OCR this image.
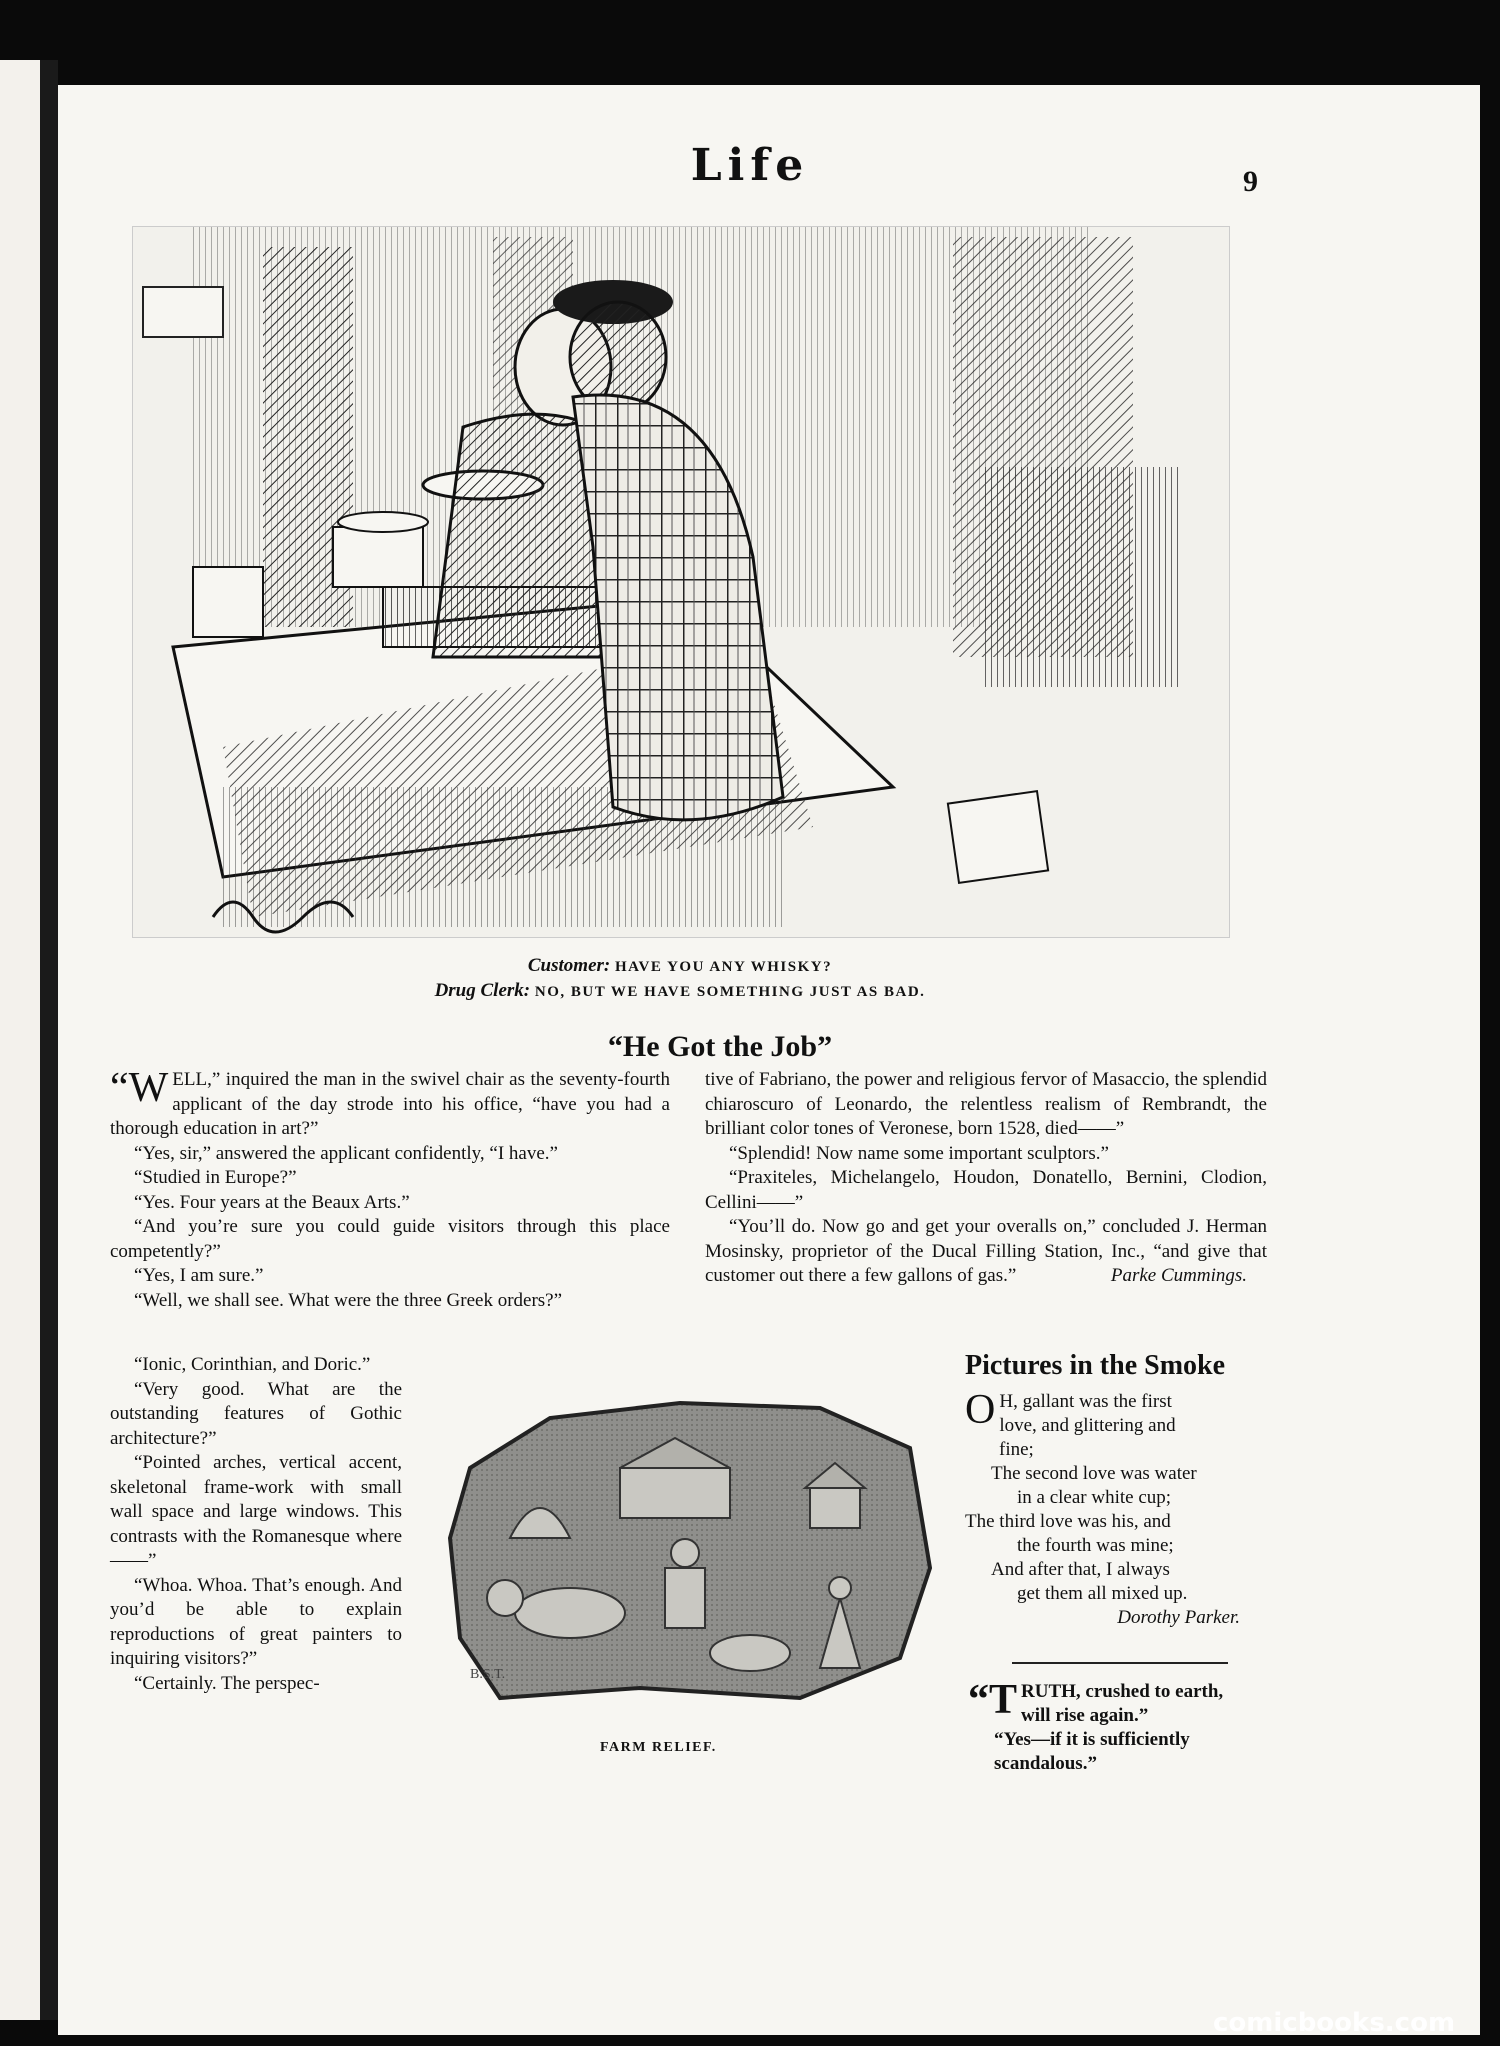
Life	9
Customer: HAVE YOU ANY WHISKY?
Drug Clerk: NO, BUT WE HAVE SOMETHING JUST AS BAD.
“He Got the Job”

“WELL,” inquired the man in the swivel chair as the seventy-fourth applicant of the day strode into his office, “have you had a thorough education in art?”

“Yes, sir,” answered the applicant confidently, “I have.”

“Studied in Europe?”

“Yes. Four years at the Beaux Arts.”

“And you’re sure you could guide visitors through this place competently?”

“Yes, I am sure.”

“Well, we shall see. What were the three Greek orders?”

“Ionic, Corinthian, and Doric.”

“Very good. What are the outstanding features of Gothic architecture?”

“Pointed arches, vertical accent, skeletonal frame-work with small wall space and large windows. This contrasts with the Romanesque where——”

“Whoa. Whoa. That’s enough. And you’d be able to explain reproductions of great painters to inquiring visitors?”

“Certainly. The perspec-

tive of Fabriano, the power and religious fervor of Masaccio, the splendid chiaroscuro of Leonardo, the relentless realism of Rembrandt, the brilliant color tones of Veronese, born 1528, died——”

“Splendid! Now name some important sculptors.”

“Praxiteles, Michelangelo, Houdon, Donatello, Bernini, Clodion, Cellini——”

“You’ll do. Now go and get your overalls on,” concluded J. Herman Mosinsky, proprietor of the Ducal Filling Station, Inc., “and give that customer out there a few gallons of gas.”	Parke Cummings.

Pictures in the Smoke
O H, gallant was the first
love, and glittering and
fine;
The second love was water
in a clear white cup;
The third love was his, and
the fourth was mine;
And after that, I always
get them all mixed up.
Dorothy Parker.

“TRUTH, crushed to earth,

will rise again.”
“Yes—if it is sufficiently scandalous.”
B.S.T.
FARM RELIEF.
comicbooks.com
